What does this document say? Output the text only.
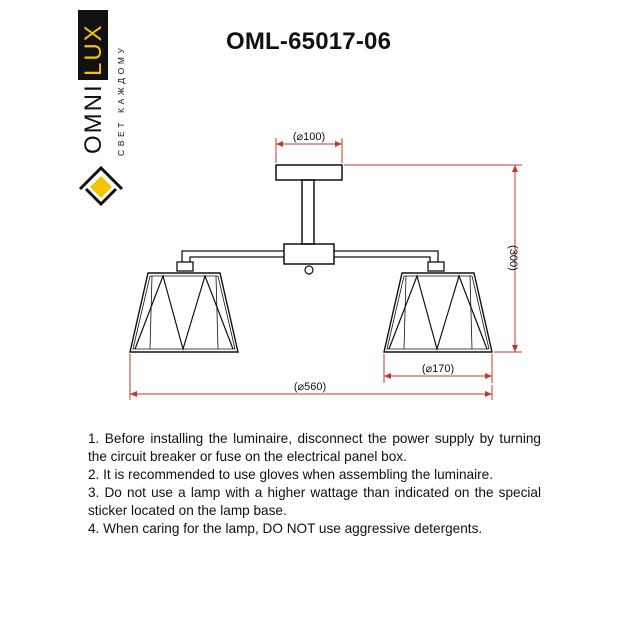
LUX
OMNI СВЕТ КАЖДОМУ
OML-65017-06
(⌀100)
(300)
(⌀170)
(⌀560)

1. Before installing the luminaire, disconnect the power supply by turning the circuit breaker or fuse on the electrical panel box.

2. It is recommended to use gloves when assembling the luminaire.

3. Do not use a lamp with a higher wattage than indicated on the special sticker located on the lamp base.

4. When caring for the lamp, DO NOT use aggressive detergents.
